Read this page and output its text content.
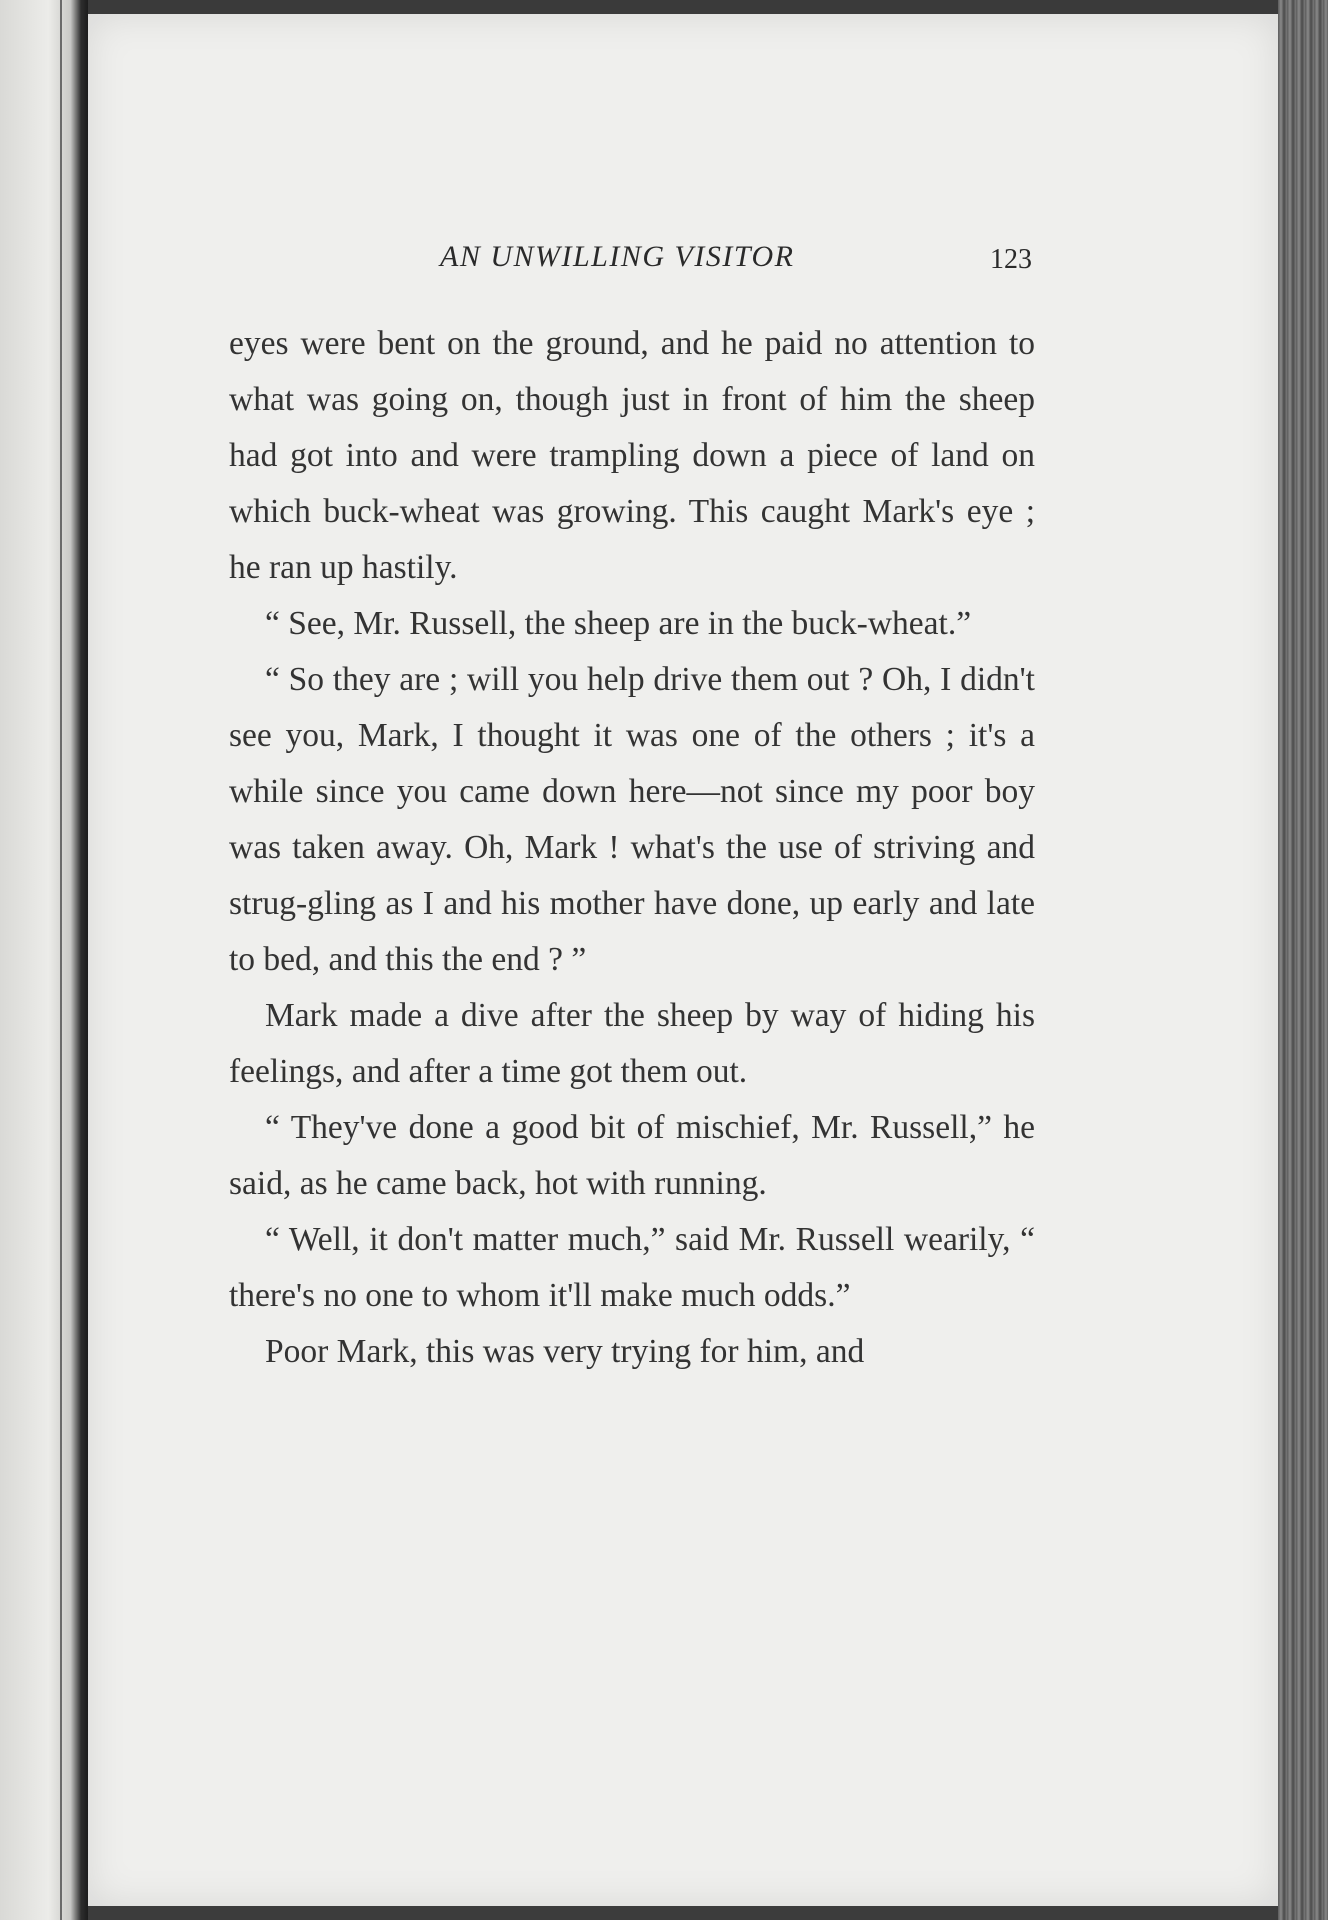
AN UNWILLING VISITOR	123

eyes were bent on the ground, and he paid no attention to what was going on, though just in front of him the sheep had got into and were trampling down a piece of land on which buck-wheat was growing. This caught Mark's eye ; he ran up hastily.

“ See, Mr. Russell, the sheep are in the buck-wheat.”

“ So they are ; will you help drive them out ? Oh, I didn't see you, Mark, I thought it was one of the others ; it's a while since you came down here—not since my poor boy was taken away. Oh, Mark ! what's the use of striving and strug-gling as I and his mother have done, up early and late to bed, and this the end ? ”

Mark made a dive after the sheep by way of hiding his feelings, and after a time got them out.

“ They've done a good bit of mischief, Mr. Russell,” he said, as he came back, hot with running.

“ Well, it don't matter much,” said Mr. Russell wearily, “ there's no one to whom it'll make much odds.”

Poor Mark, this was very trying for him, and
